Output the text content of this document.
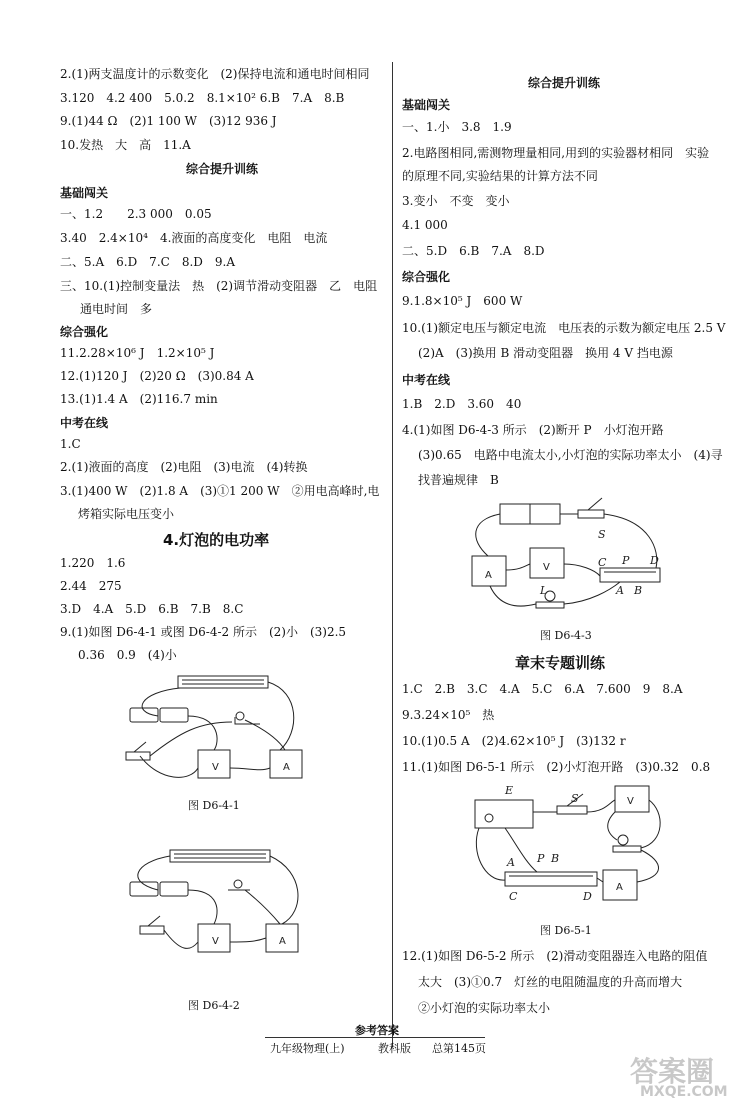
2.(1)两支温度计的示数变化　(2)保持电流和通电时间相同
3.120　4.2 400　5.0.2　8.1×10² 6.B　7.A　8.B
9.(1)44 Ω　(2)1 100 W　(3)12 936 J
10.发热　大　高　11.A
综合提升训练
基础闯关
一、1.2　　2.3 000　0.05
3.40　2.4×10⁴　4.液面的高度变化　电阻　电流
二、5.A　6.D　7.C　8.D　9.A
三、10.(1)控制变量法　热　(2)调节滑动变阻器　乙　电阻
通电时间　多
综合强化
11.2.28×10⁶ J　1.2×10⁵ J
12.(1)120 J　(2)20 Ω　(3)0.84 A
13.(1)1.4 A　(2)116.7 min
中考在线
1.C
2.(1)液面的高度　(2)电阻　(3)电流　(4)转换
3.(1)400 W　(2)1.8 A　(3)①1 200 W　②用电高峰时,电
烤箱实际电压变小
4.灯泡的电功率
1.220　1.6
2.44　275
3.D　4.A　5.D　6.B　7.B　8.C
9.(1)如图 D6-4-1 或图 D6-4-2 所示　(2)小　(3)2.5
0.36　0.9　(4)小
V	A
图 D6-4-1
V	A
图 D6-4-2
综合提升训练
基础闯关
一、1.小　3.8　1.9
2.电路图相同,需测物理量相同,用到的实验器材相同　实验
的原理不同,实验结果的计算方法不同
3.变小　不变　变小
4.1 000
二、5.D　6.B　7.A　8.D
综合强化
9.1.8×10⁵ J　600 W
10.(1)额定电压与额定电流　电压表的示数为额定电压 2.5 V
(2)A　(3)换用 B 滑动变阻器　换用 4 V 挡电源
中考在线
1.B　2.D　3.60　40
4.(1)如图 D6-4-3 所示　(2)断开 P　小灯泡开路
(3)0.65　电路中电流太小,小灯泡的实际功率太小　(4)寻
找普遍规律　B
S
C P D
A B
L
V
A
图 D6-4-3
章末专题训练
1.C　2.B　3.C　4.A　5.C　6.A　7.600　9　8.A
9.3.24×10⁵　热
10.(1)0.5 A　(2)4.62×10⁵ J　(3)132 r
11.(1)如图 D6-5-1 所示　(2)小灯泡开路　(3)0.32　0.8
E
S
A P B
C	D
V
A
图 D6-5-1
12.(1)如图 D6-5-2 所示　(2)滑动变阻器连入电路的阻值
太大　(3)①0.7　灯丝的电阻随温度的升高而增大
②小灯泡的实际功率太小
参考答案
九年级物理(上)	教科版 总第145页
答案圈
MXQE.COM
